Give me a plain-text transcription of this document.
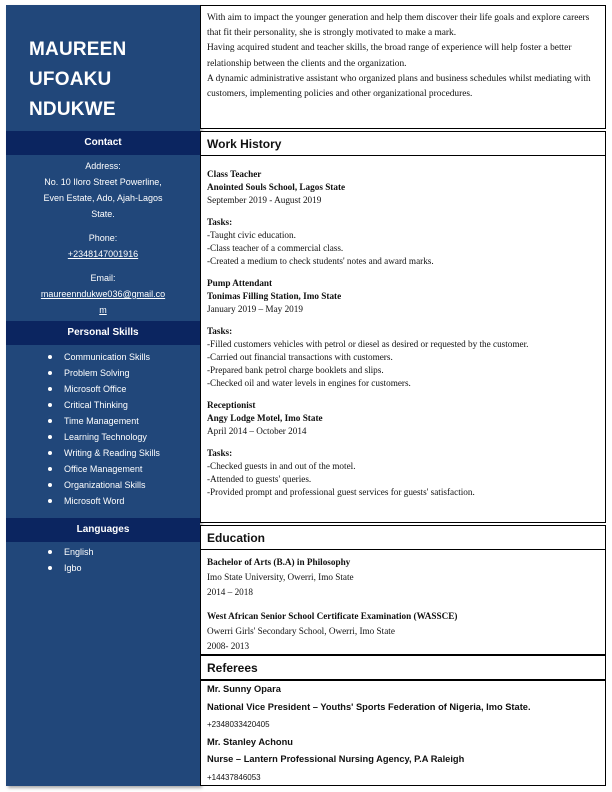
MAUREEN
UFOAKU
NDUKWE
Contact
Address:
No. 10 Iloro Street Powerline,
Even Estate, Ado, Ajah-Lagos
State.
Phone:
+2348147001916
Email:
maureenndukwe036@gmail.co
m
Personal Skills
Communication Skills
Problem Solving
Microsoft Office
Critical Thinking
Time Management
Learning Technology
Writing & Reading Skills
Office Management
Organizational Skills
Microsoft Word
Languages
English
Igbo
With aim to impact the younger generation and help them discover their life goals and explore careers that fit their personality, she is strongly motivated to make a mark.
Having acquired student and teacher skills, the broad range of experience will help foster a better relationship between the clients and the organization.
A dynamic administrative assistant who organized plans and business schedules whilst mediating with customers, implementing policies and other organizational procedures.
Work History
Class Teacher
Anointed Souls School, Lagos State
September 2019 - August 2019
Tasks:
-Taught civic education.
-Class teacher of a commercial class.
-Created a medium to check students' notes and award marks.
Pump Attendant
Tonimas Filling Station, Imo State
January 2019 – May 2019
Tasks:
-Filled customers vehicles with petrol or diesel as desired or requested by the customer.
-Carried out financial transactions with customers.
-Prepared bank petrol charge booklets and slips.
-Checked oil and water levels in engines for customers.
Receptionist
Angy Lodge Motel, Imo State
April 2014 – October 2014
Tasks:
-Checked guests in and out of the motel.
-Attended to guests' queries.
-Provided prompt and professional guest services for guests' satisfaction.
Education
Bachelor of Arts (B.A) in Philosophy
Imo State University, Owerri, Imo State
2014 – 2018
West African Senior School Certificate Examination (WASSCE)
Owerri Girls' Secondary School, Owerri, Imo State
2008- 2013
Referees
Mr. Sunny Opara
National Vice President – Youths' Sports Federation of Nigeria, Imo State.
+2348033420405
Mr. Stanley Achonu
Nurse – Lantern Professional Nursing Agency, P.A Raleigh
+14437846053
